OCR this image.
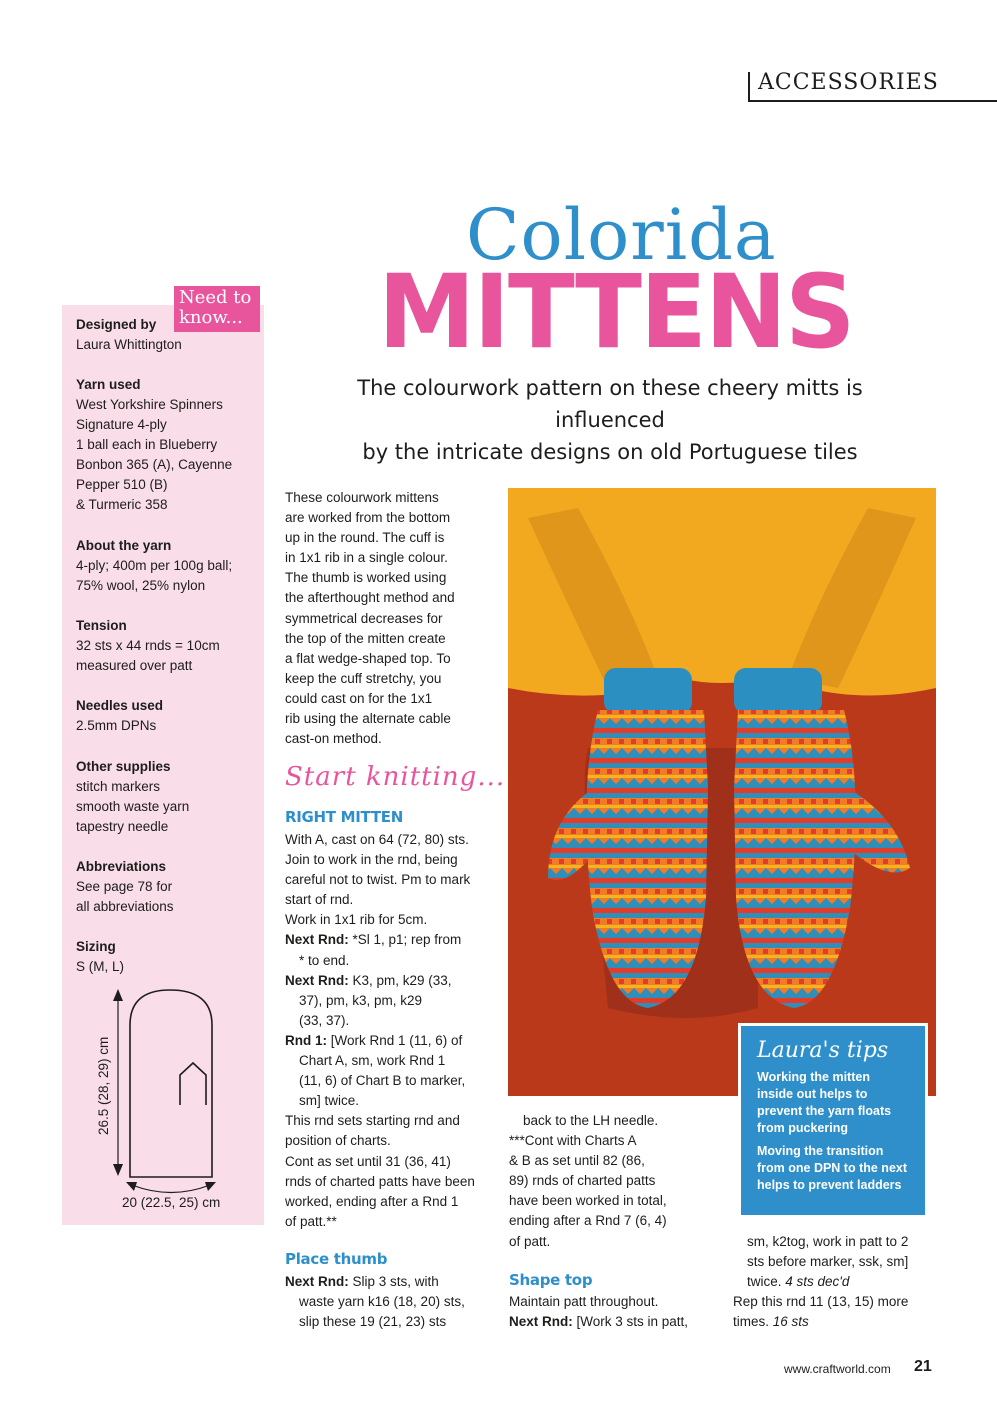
ACCESSORIES
Colorida
MITTENS
The colourwork pattern on these cheery mitts is influenced
by the intricate designs on old Portuguese tiles
Need to
know...
Designed by
Laura Whittington
Yarn used
West Yorkshire Spinners
Signature 4-ply
1 ball each in Blueberry
Bonbon 365 (A), Cayenne
Pepper 510 (B)
& Turmeric 358
About the yarn
4-ply; 400m per 100g ball;
75% wool, 25% nylon
Tension
32 sts x 44 rnds = 10cm
measured over patt
Needles used
2.5mm DPNs
Other supplies
stitch markers
smooth waste yarn
tapestry needle
Abbreviations
See page 78 for
all abbreviations
Sizing
S (M, L)
26.5 (28, 29) cm
20 (22.5, 25) cm

These colourwork mittens

are worked from the bottom

up in the round. The cuff is

in 1x1 rib in a single colour.

The thumb is worked using

the afterthought method and

symmetrical decreases for

the top of the mitten create

a flat wedge-shaped top. To

keep the cuff stretchy, you

could cast on for the 1x1

rib using the alternate cable

cast-on method.

Start knitting...
RIGHT MITTEN

With A, cast on 64 (72, 80) sts.

Join to work in the rnd, being

careful not to twist. Pm to mark

start of rnd.

Work in 1x1 rib for 5cm.

Next Rnd: *Sl 1, p1; rep from

* to end.

Next Rnd: K3, pm, k29 (33,

37), pm, k3, pm, k29

(33, 37).

Rnd 1: [Work Rnd 1 (11, 6) of

Chart A, sm, work Rnd 1

(11, 6) of Chart B to marker,

sm] twice.

This rnd sets starting rnd and

position of charts.

Cont as set until 31 (36, 41)

rnds of charted patts have been

worked, ending after a Rnd 1

of patt.**

Place thumb

Next Rnd: Slip 3 sts, with

waste yarn k16 (18, 20) sts,

slip these 19 (21, 23) sts

back to the LH needle.

***Cont with Charts A

& B as set until 82 (86,

89) rnds of charted patts

have been worked in total,

ending after a Rnd 7 (6, 4)

of patt.

Shape top

Maintain patt throughout.

Next Rnd: [Work 3 sts in patt,

Laura's tips

Working the mitten inside out helps to prevent the yarn floats from puckering

Moving the transition from one DPN to the next helps to prevent ladders

sm, k2tog, work in patt to 2

sts before marker, ssk, sm]

twice. 4 sts dec'd

Rep this rnd 11 (13, 15) more

times. 16 sts

www.craftworld.com 21
